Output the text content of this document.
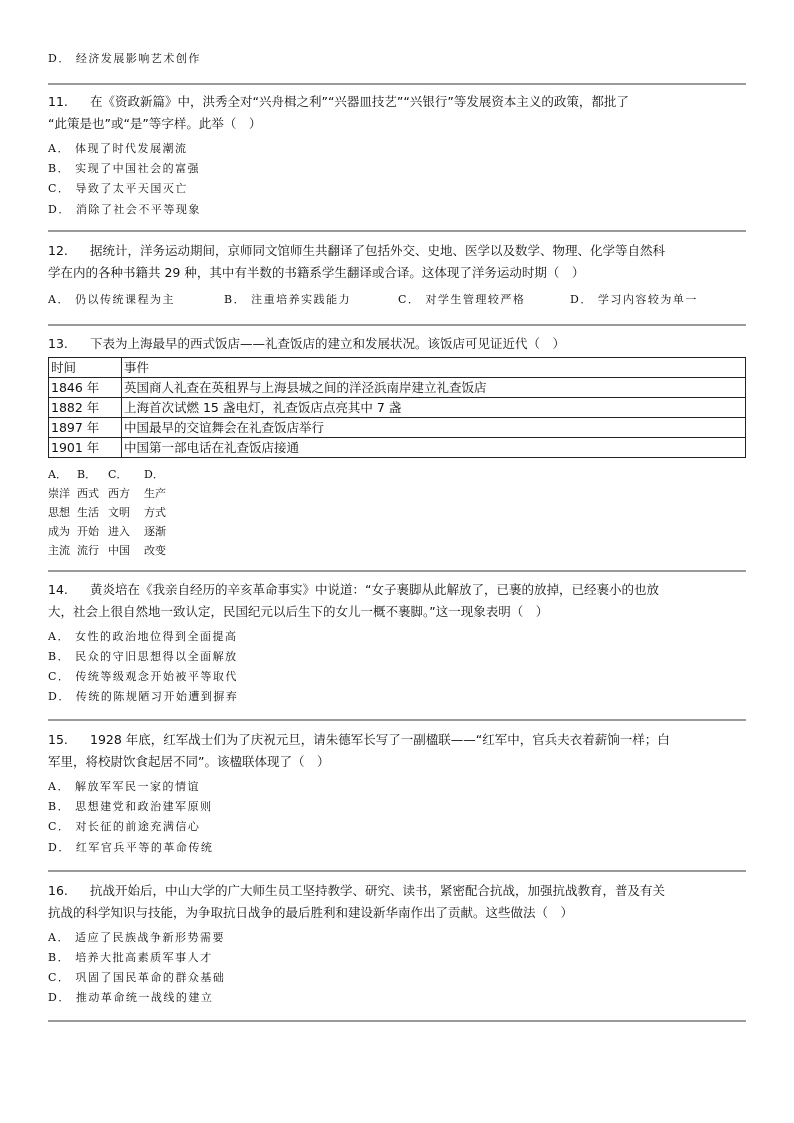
D． 经济发展影响艺术创作
11. 在《资政新篇》中，洪秀全对“兴舟楫之利”“兴器皿技艺”“兴银行”等发展资本主义的政策，都批了
“此策是也”或“是”等字样。此举（　）
A． 体现了时代发展潮流
B． 实现了中国社会的富强
C． 导致了太平天国灭亡
D． 消除了社会不平等现象
12. 据统计，洋务运动期间，京师同文馆师生共翻译了包括外交、史地、医学以及数学、物理、化学等自然科
学在内的各种书籍共 29 种，其中有半数的书籍系学生翻译或合译。这体现了洋务运动时期（　）
A． 仍以传统课程为主	B． 注重培养实践能力	C． 对学生管理较严格	D． 学习内容较为单一
13. 下表为上海最早的西式饭店——礼查饭店的建立和发展状况。该饭店可见证近代（　）
时间	事件
1846 年	英国商人礼查在英租界与上海县城之间的洋泾浜南岸建立礼查饭店
1882 年	上海首次试燃 15 盏电灯，礼查饭店点亮其中 7 盏
1897 年	中国最早的交谊舞会在礼查饭店举行
1901 年	中国第一部电话在礼查饭店接通
A． B． C． D．
崇洋 西式 西方 生产
思想 生活 文明 方式
成为 开始 进入 逐渐
主流 流行 中国 改变
14. 黄炎培在《我亲自经历的辛亥革命事实》中说道：“女子裹脚从此解放了，已裹的放掉，已经裹小的也放
大，社会上很自然地一致认定，民国纪元以后生下的女儿一概不裹脚。”这一现象表明（　）
A． 女性的政治地位得到全面提高
B． 民众的守旧思想得以全面解放
C． 传统等级观念开始被平等取代
D． 传统的陈规陋习开始遭到摒弃
15. 1928 年底，红军战士们为了庆祝元旦，请朱德军长写了一副楹联——“红军中，官兵夫衣着薪饷一样；白
军里，将校尉饮食起居不同”。该楹联体现了（　）
A． 解放军军民一家的情谊
B． 思想建党和政治建军原则
C． 对长征的前途充满信心
D． 红军官兵平等的革命传统
16. 抗战开始后，中山大学的广大师生员工坚持教学、研究、读书，紧密配合抗战，加强抗战教育，普及有关
抗战的科学知识与技能，为争取抗日战争的最后胜利和建设新华南作出了贡献。这些做法（　）
A． 适应了民族战争新形势需要
B． 培养大批高素质军事人才
C． 巩固了国民革命的群众基础
D． 推动革命统一战线的建立
